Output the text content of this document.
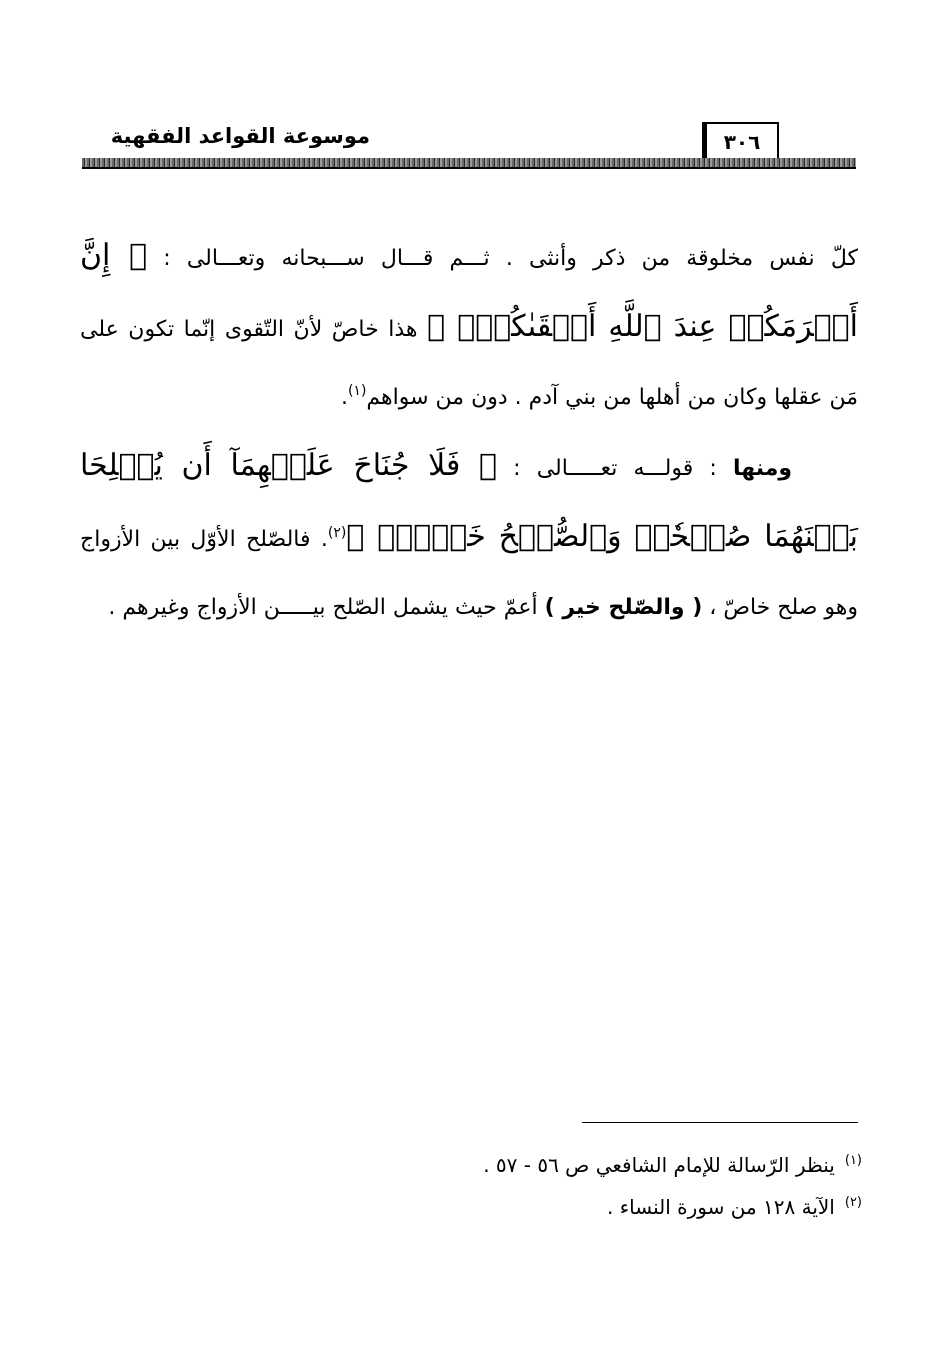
موسوعة القواعد الفقهية	٣٠٦

كلّ نفس مخلوقة من ذكر وأنثى . ثـــم قـــال ســـبحانه وتعـــالى : ﴿ إِنَّ أَكۡرَمَكُمۡ عِندَ ٱللَّهِ أَتۡقَىٰكُمۡۚ ﴾ هذا خاصّ لأنّ التّقوى إنّما تكون على مَن عقلها وكان من أهلها من بني آدم . دون من سواهم$^{(١)}$.

ومنها : قولـــه تعـــــالى : ﴿ فَلَا جُنَاحَ عَلَيۡهِمَآ أَن يُصۡلِحَا بَيۡنَهُمَا صُلۡحٗاۚ وَٱلصُّلۡحُ خَيۡرٞۗ ﴾$^{(٢)}$. فالصّلح الأوّل بين الأزواج وهو صلح خاصّ ، ( والصّلح خير ) أعمّ حيث يشمل الصّلح بيـــــن الأزواج وغيرهم .

$^{(١)}$ينظر الرّسالة للإمام الشافعي ص ٥٦ - ٥٧ .
$^{(٢)}$الآية ١٢٨ من سورة النساء .
